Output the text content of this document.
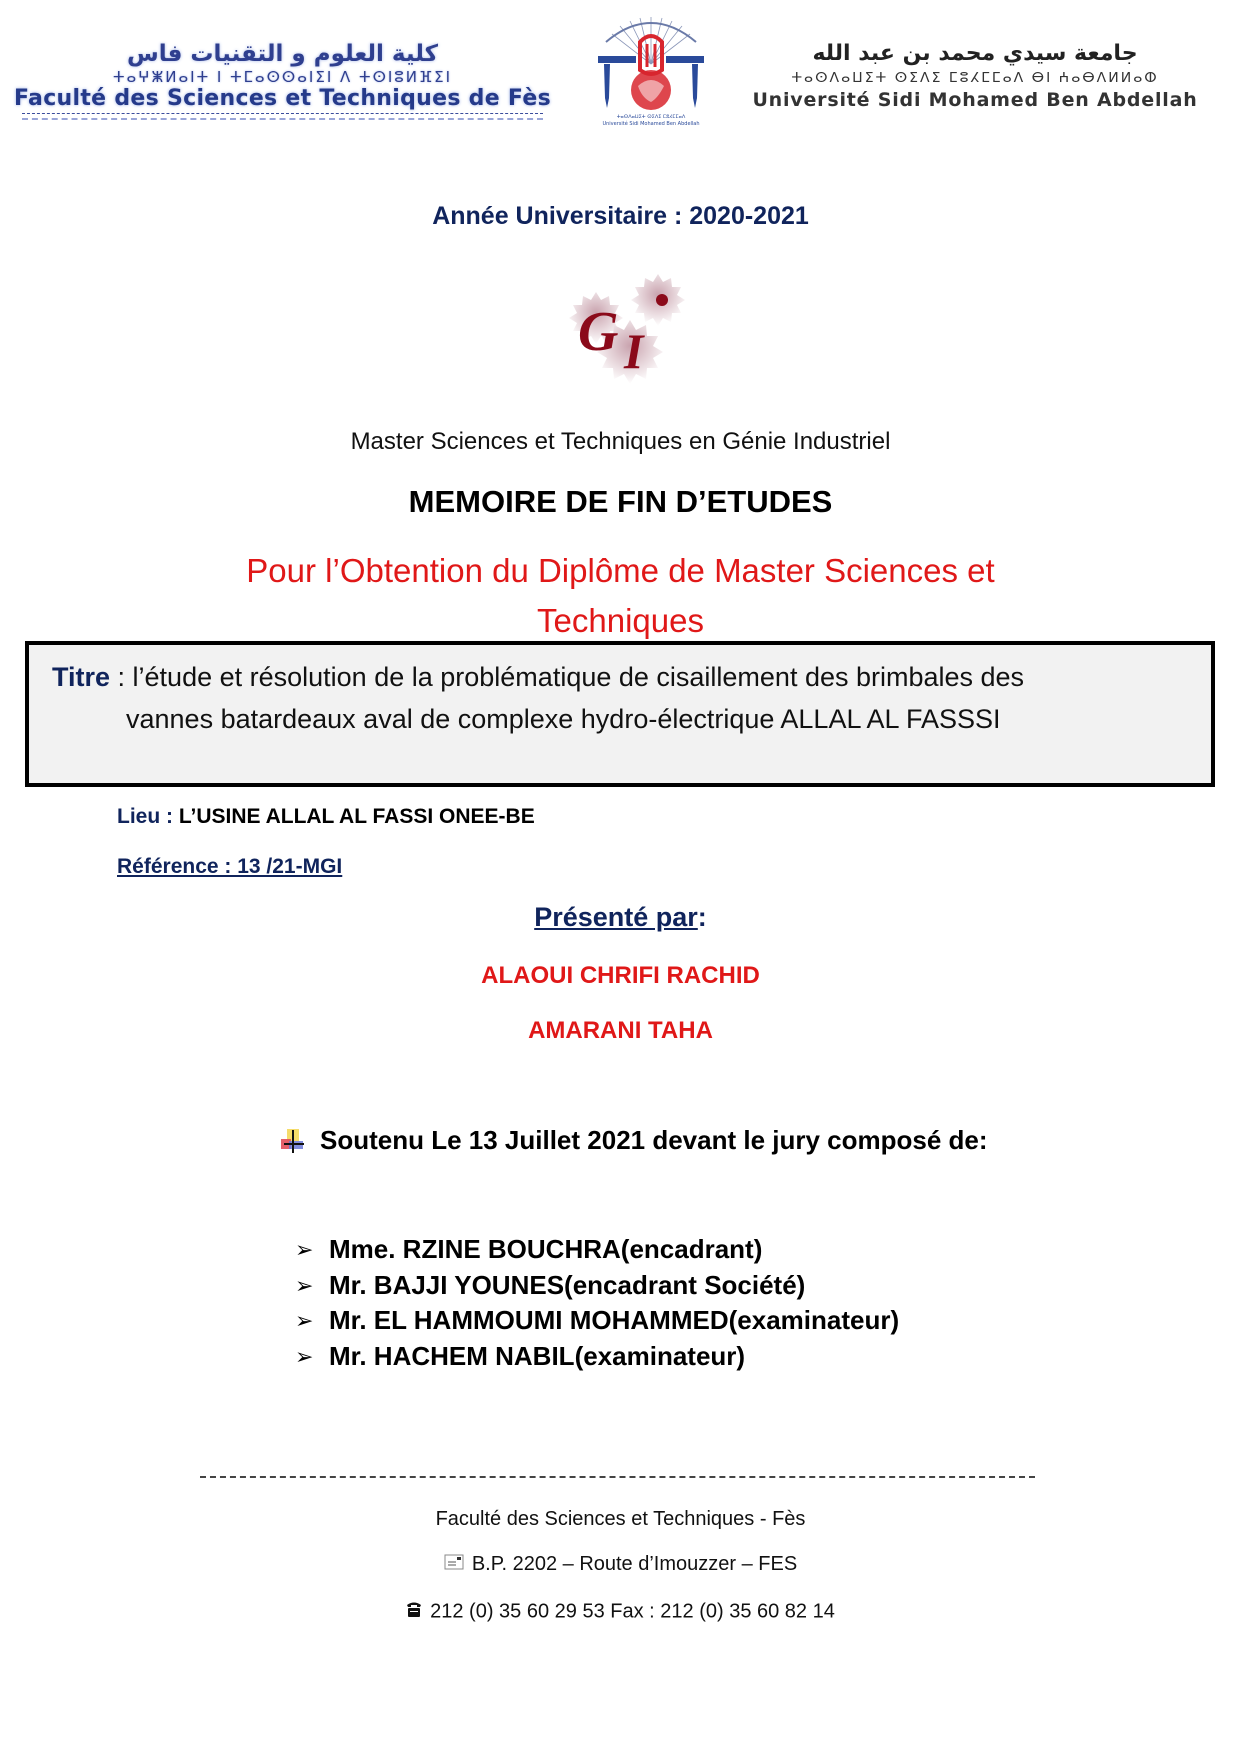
كلية العلوم و التقنيات فاس
ⵜⴰⵖⵥⵍⴰⵏⵜ ⵏ ⵜⵎⴰⵙⵙⴰⵏⵉⵏ ⴷ ⵜⵙⵏⵓⵍⴼⵉⵏ
Faculté des Sciences et Techniques de Fès
ⵜⴰⵙⴷⴰⵡⵉⵜ ⵙⵉⴷⵉ ⵎⵓⵃⵎⵎⴰⴷ
Université Sidi Mohamed Ben Abdellah
جامعة سيدي محمد بن عبد الله
ⵜⴰⵙⴷⴰⵡⵉⵜ ⵙⵉⴷⵉ ⵎⵓⵃⵎⵎⴰⴷ ⴱⵏ ⵄⴰⴱⴷⵍⵍⴰⵀ
Université Sidi Mohamed Ben Abdellah
Année Universitaire : 2020-2021
G I
Master Sciences et Techniques en Génie Industriel
MEMOIRE DE FIN D’ETUDES
Pour l’Obtention du Diplôme de Master Sciences et
Techniques
Titre : l’étude et résolution de la problématique de cisaillement des brimbales des
vannes batardeaux aval de complexe hydro-électrique ALLAL AL FASSSI
Lieu : L’USINE ALLAL AL FASSI ONEE-BE
Référence : 13 /21-MGI
Présenté par:
ALAOUI CHRIFI RACHID
AMARANI TAHA
Soutenu Le 13 Juillet 2021 devant le jury composé de:
➢ Mme. RZINE BOUCHRA (encadrant)
➢ Mr. BAJJI YOUNES (encadrant Société)
➢ Mr. EL HAMMOUMI MOHAMMED (examinateur)
➢ Mr. HACHEM NABIL (examinateur)
Faculté des Sciences et Techniques - Fès
B.P. 2202 – Route d’Imouzzer – FES
212 (0) 35 60 29 53 Fax : 212 (0) 35 60 82 14
